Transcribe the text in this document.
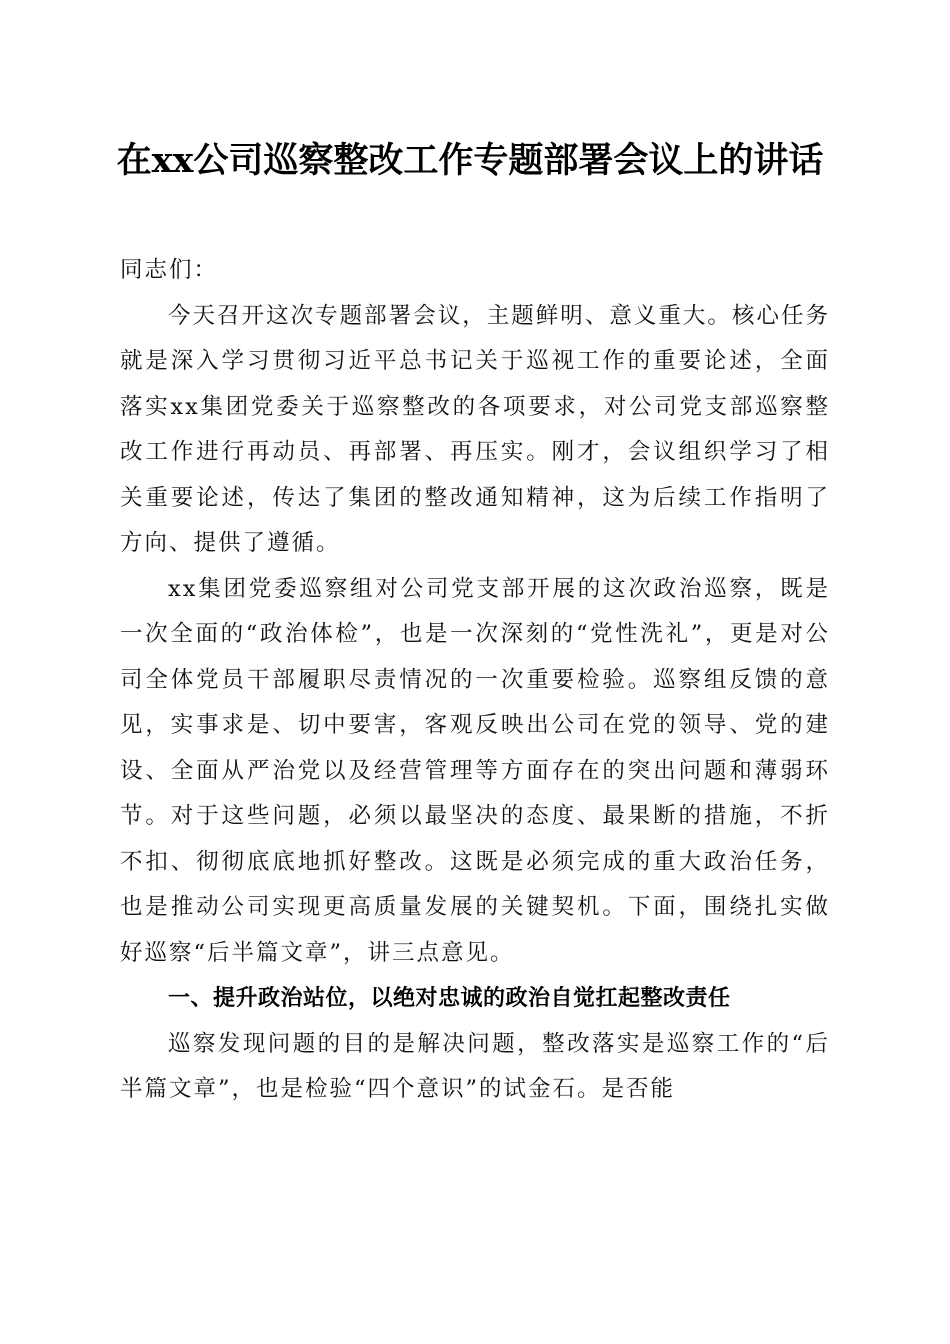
在xx公司巡察整改工作专题部署会议上的讲话

同志们：

今天召开这次专题部署会议，主题鲜明、意义重大。核心任务就是深入学习贯彻习近平总书记关于巡视工作的重要论述，全面落实xx集团党委关于巡察整改的各项要求，对公司党支部巡察整改工作进行再动员、再部署、再压实。刚才，会议组织学习了相关重要论述，传达了集团的整改通知精神，这为后续工作指明了方向、提供了遵循。

xx集团党委巡察组对公司党支部开展的这次政治巡察，既是一次全面的“政治体检”，也是一次深刻的“党性洗礼”，更是对公司全体党员干部履职尽责情况的一次重要检验。巡察组反馈的意见，实事求是、切中要害，客观反映出公司在党的领导、党的建设、全面从严治党以及经营管理等方面存在的突出问题和薄弱环节。对于这些问题，必须以最坚决的态度、最果断的措施，不折不扣、彻彻底底地抓好整改。这既是必须完成的重大政治任务，也是推动公司实现更高质量发展的关键契机。下面，围绕扎实做好巡察“后半篇文章”，讲三点意见。

一、提升政治站位，以绝对忠诚的政治自觉扛起整改责任

巡察发现问题的目的是解决问题，整改落实是巡察工作的“后半篇文章”，也是检验“四个意识”的试金石。是否能
